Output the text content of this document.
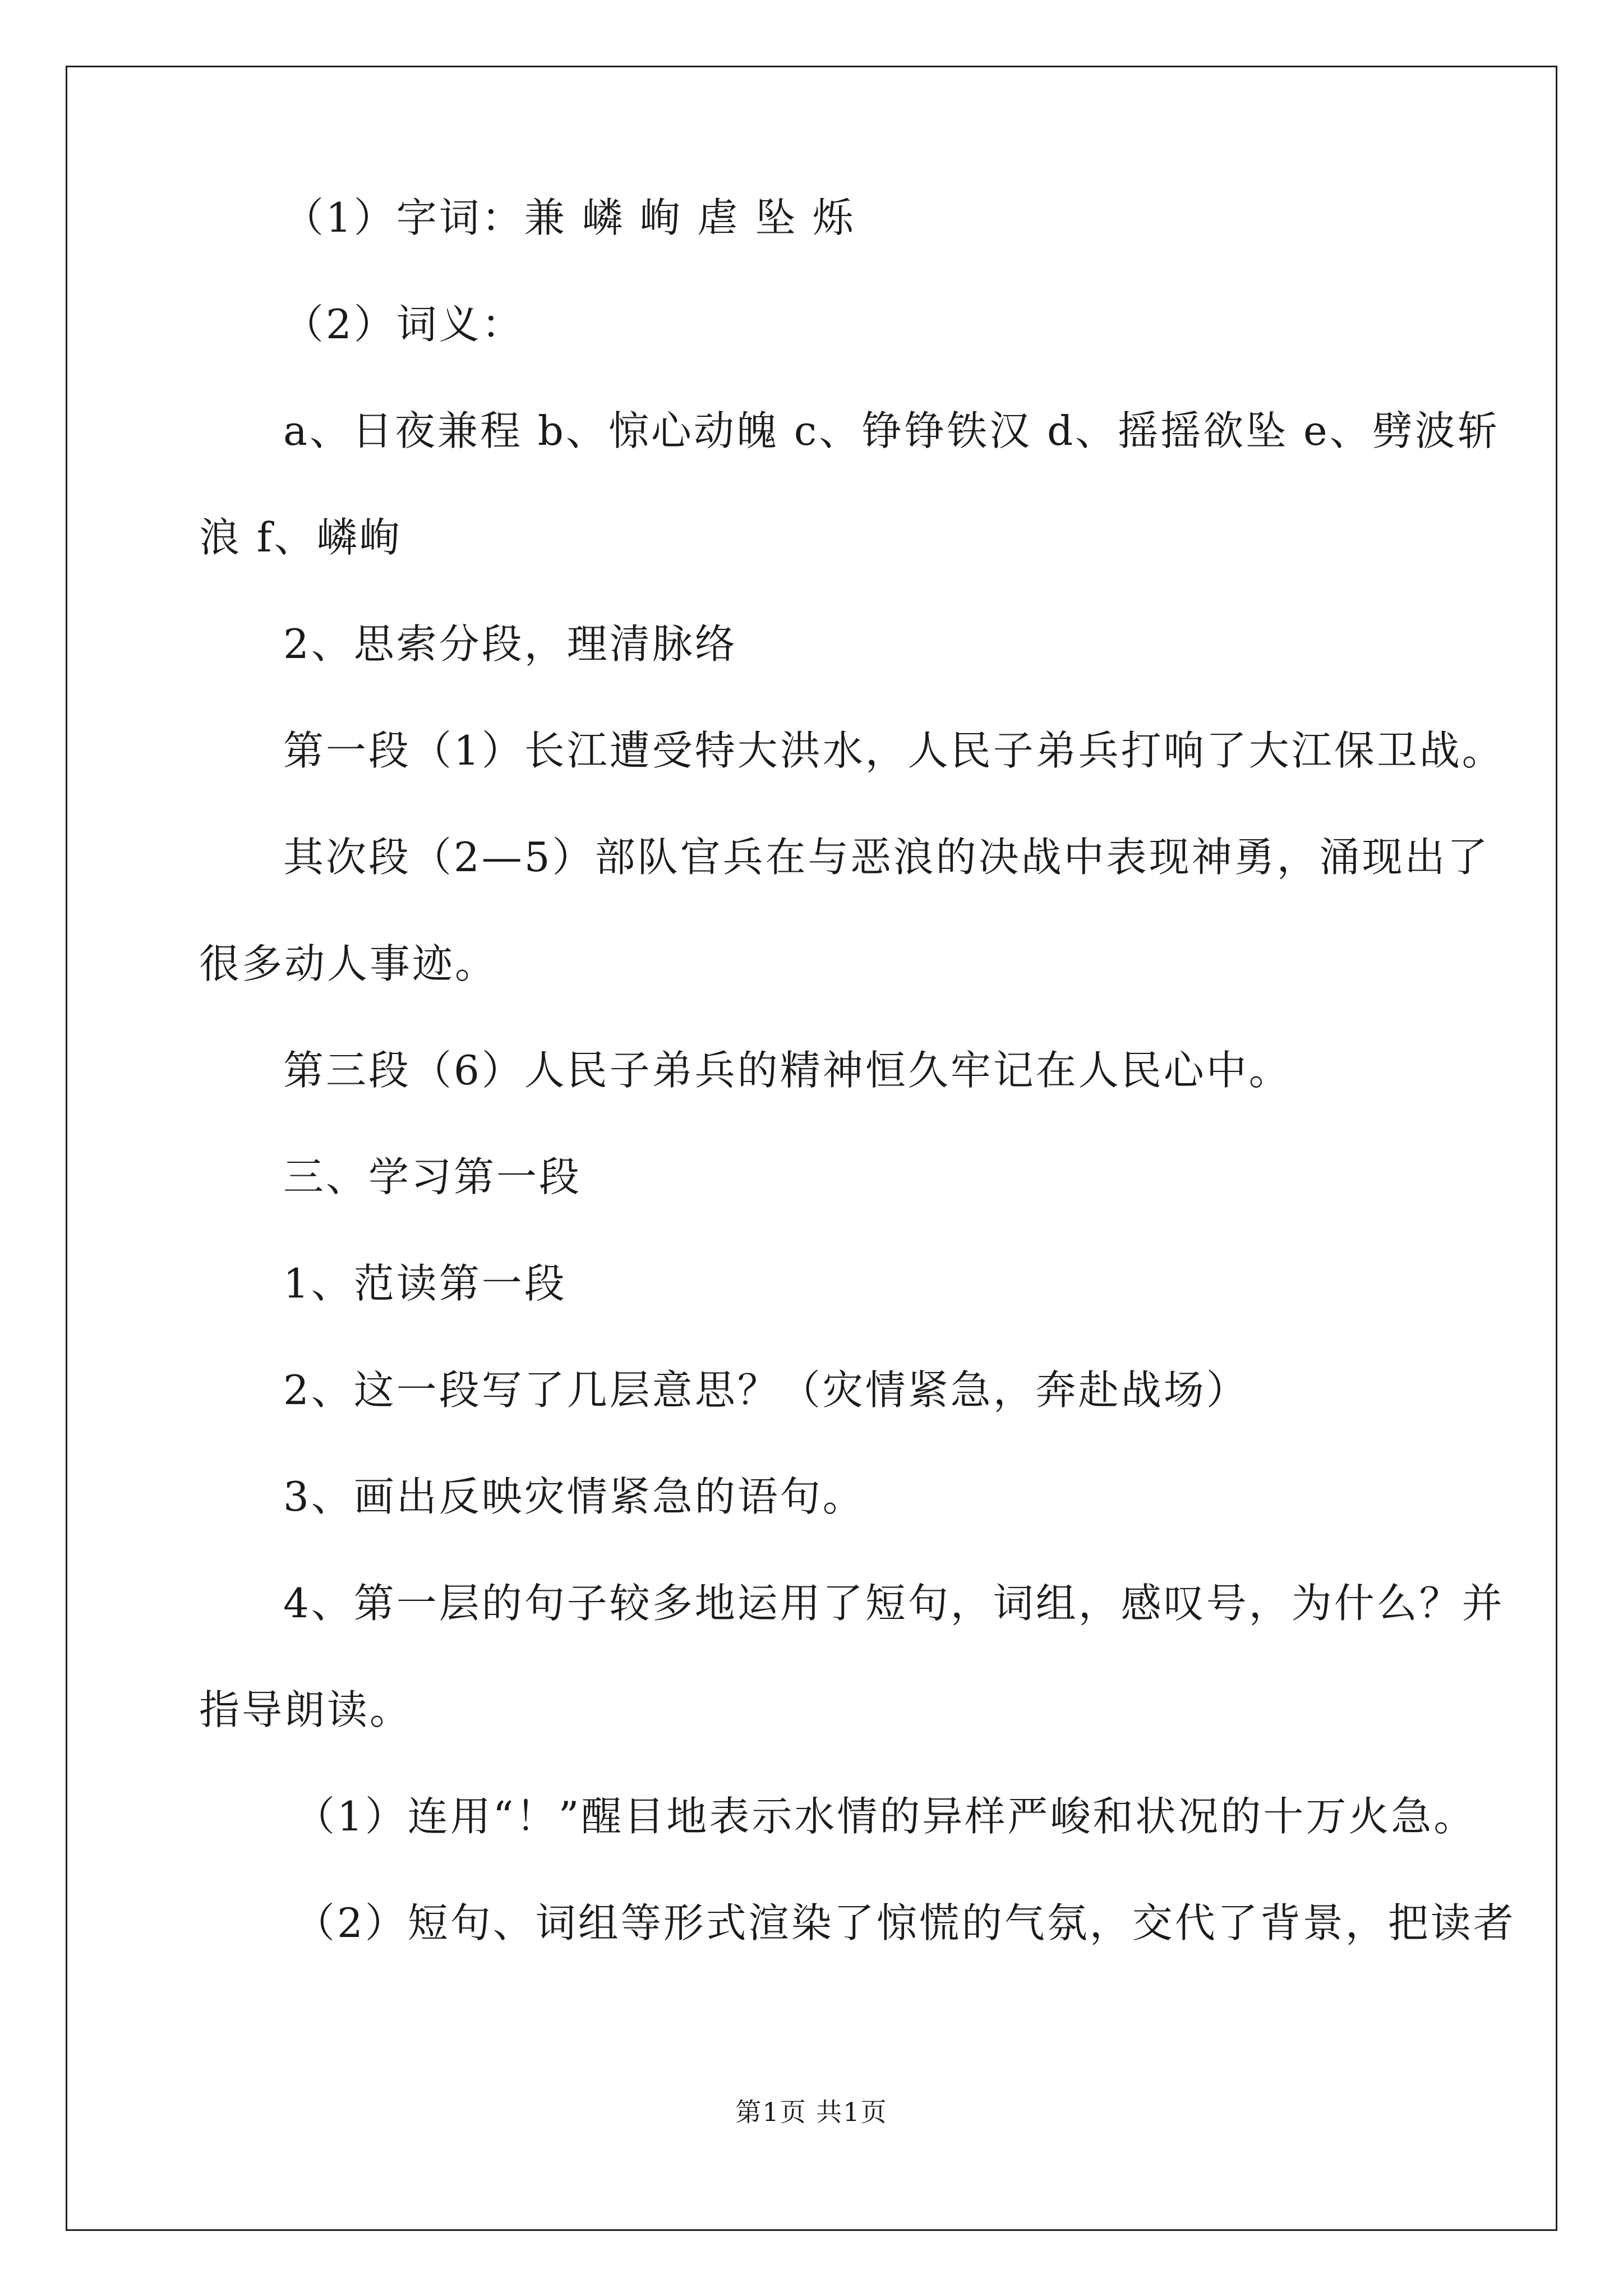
（1）字词：兼 嶙 峋 虐 坠 烁
（2）词义：
a、日夜兼程 b、惊心动魄 c、铮铮铁汉 d、摇摇欲坠 e、劈波斩
浪 f、嶙峋
2、思索分段，理清脉络
第一段（1）长江遭受特大洪水，人民子弟兵打响了大江保卫战。
其次段（2—5）部队官兵在与恶浪的决战中表现神勇，涌现出了
很多动人事迹。
第三段（6）人民子弟兵的精神恒久牢记在人民心中。
三、学习第一段
1、范读第一段
2、这一段写了几层意思？（灾情紧急，奔赴战场）
3、画出反映灾情紧急的语句。
4、第一层的句子较多地运用了短句，词组，感叹号，为什么？并
指导朗读。
（1）连用“！”醒目地表示水情的异样严峻和状况的十万火急。
（2）短句、词组等形式渲染了惊慌的气氛，交代了背景，把读者
第1页 共1页
